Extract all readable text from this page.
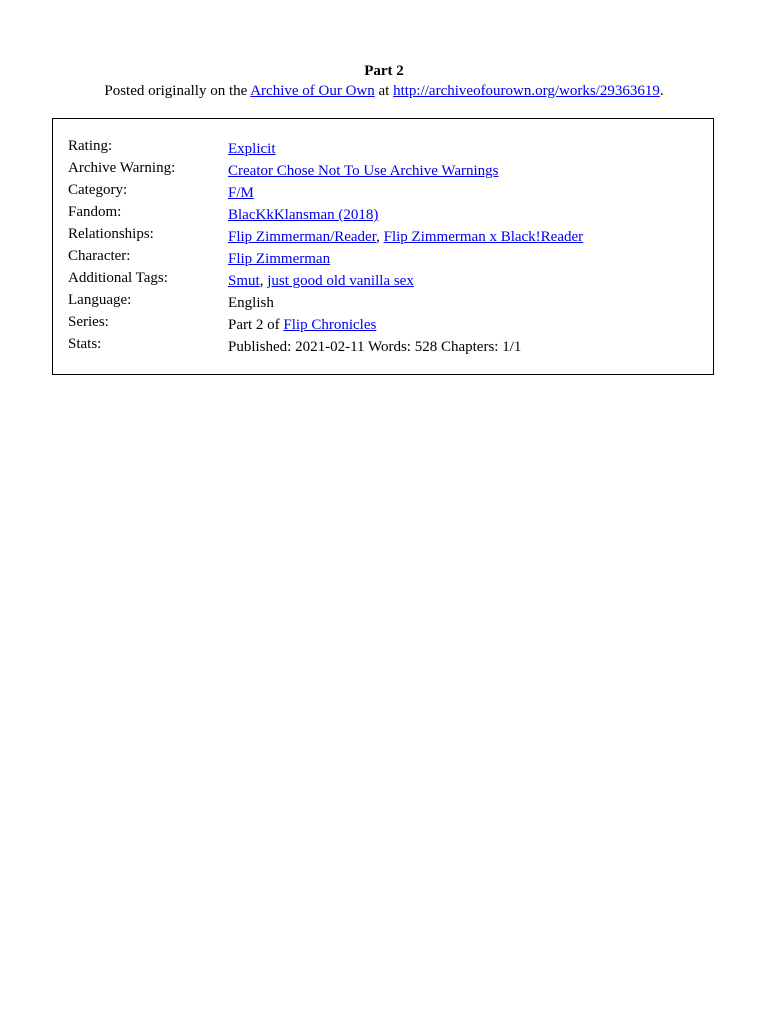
Part 2
Posted originally on the Archive of Our Own at http://archiveofourown.org/works/29363619.
Rating:	Explicit
Archive Warning:	Creator Chose Not To Use Archive Warnings
Category:	F/M
Fandom:	BlacKkKlansman (2018)
Relationships:	Flip Zimmerman/Reader, Flip Zimmerman x Black!Reader
Character:	Flip Zimmerman
Additional Tags:	Smut, just good old vanilla sex
Language:	English
Series:	Part 2 of Flip Chronicles
Stats:	Published: 2021-02-11 Words: 528 Chapters: 1/1
